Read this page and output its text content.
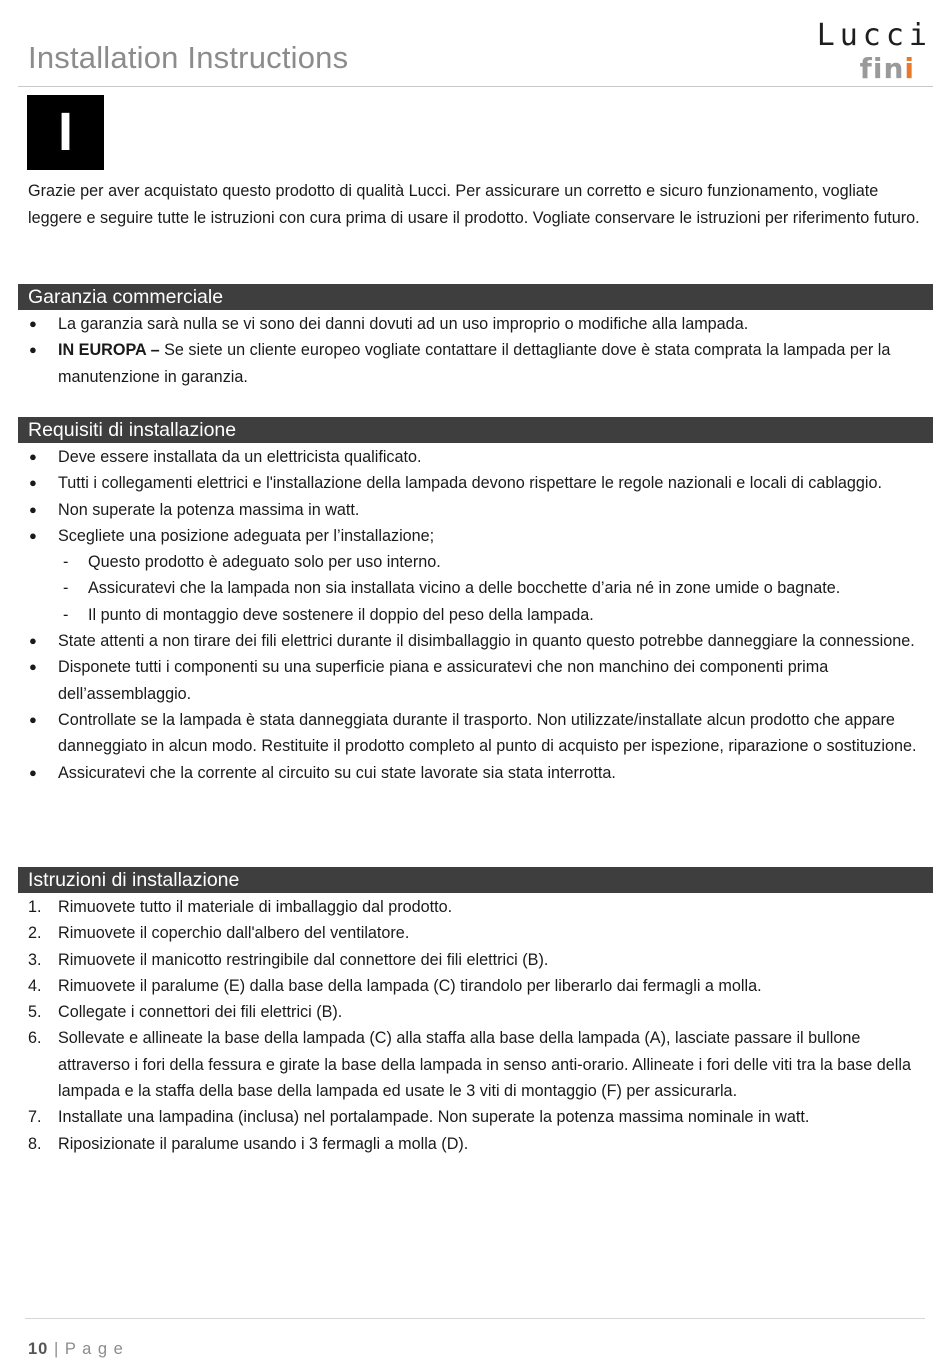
Installation Instructions
Lucci
fini
I
Grazie per aver acquistato questo prodotto di qualità Lucci. Per assicurare un corretto e sicuro funzionamento, vogliate leggere e seguire tutte le istruzioni con cura prima di usare il prodotto. Vogliate conservare le istruzioni per riferimento futuro.
Garanzia commerciale
● La garanzia sarà nulla se vi sono dei danni dovuti ad un uso improprio o modifiche alla lampada.
● IN EUROPA – Se siete un cliente europeo vogliate contattare il dettagliante dove è stata comprata la lampada per la manutenzione in garanzia.
Requisiti di installazione
● Deve essere installata da un elettricista qualificato.
● Tutti i collegamenti elettrici e l'installazione della lampada devono rispettare le regole nazionali e locali di cablaggio.
● Non superate la potenza massima in watt.
● Scegliete una posizione adeguata per l’installazione;
- Questo prodotto è adeguato solo per uso interno.
- Assicuratevi che la lampada non sia installata vicino a delle bocchette d’aria né in zone umide o bagnate.
- Il punto di montaggio deve sostenere il doppio del peso della lampada.
● State attenti a non tirare dei fili elettrici durante il disimballaggio in quanto questo potrebbe danneggiare la connessione.
● Disponete tutti i componenti su una superficie piana e assicuratevi che non manchino dei componenti prima dell’assemblaggio.
● Controllate se la lampada è stata danneggiata durante il trasporto. Non utilizzate/installate alcun prodotto che appare danneggiato in alcun modo. Restituite il prodotto completo al punto di acquisto per ispezione, riparazione o sostituzione.
● Assicuratevi che la corrente al circuito su cui state lavorate sia stata interrotta.
Istruzioni di installazione
1. Rimuovete tutto il materiale di imballaggio dal prodotto.
2. Rimuovete il coperchio dall'albero del ventilatore.
3. Rimuovete il manicotto restringibile dal connettore dei fili elettrici (B).
4. Rimuovete il paralume (E) dalla base della lampada (C) tirandolo per liberarlo dai fermagli a molla.
5. Collegate i connettori dei fili elettrici (B).
6. Sollevate e allineate la base della lampada (C) alla staffa alla base della lampada (A), lasciate passare il bullone attraverso i fori della fessura e girate la base della lampada in senso anti-orario. Allineate i fori delle viti tra la base della lampada e la staffa della base della lampada ed usate le 3 viti di montaggio (F) per assicurarla.
7. Installate una lampadina (inclusa) nel portalampade. Non superate la potenza massima nominale in watt.
8. Riposizionate il paralume usando i 3 fermagli a molla (D).
10 | P a g e
